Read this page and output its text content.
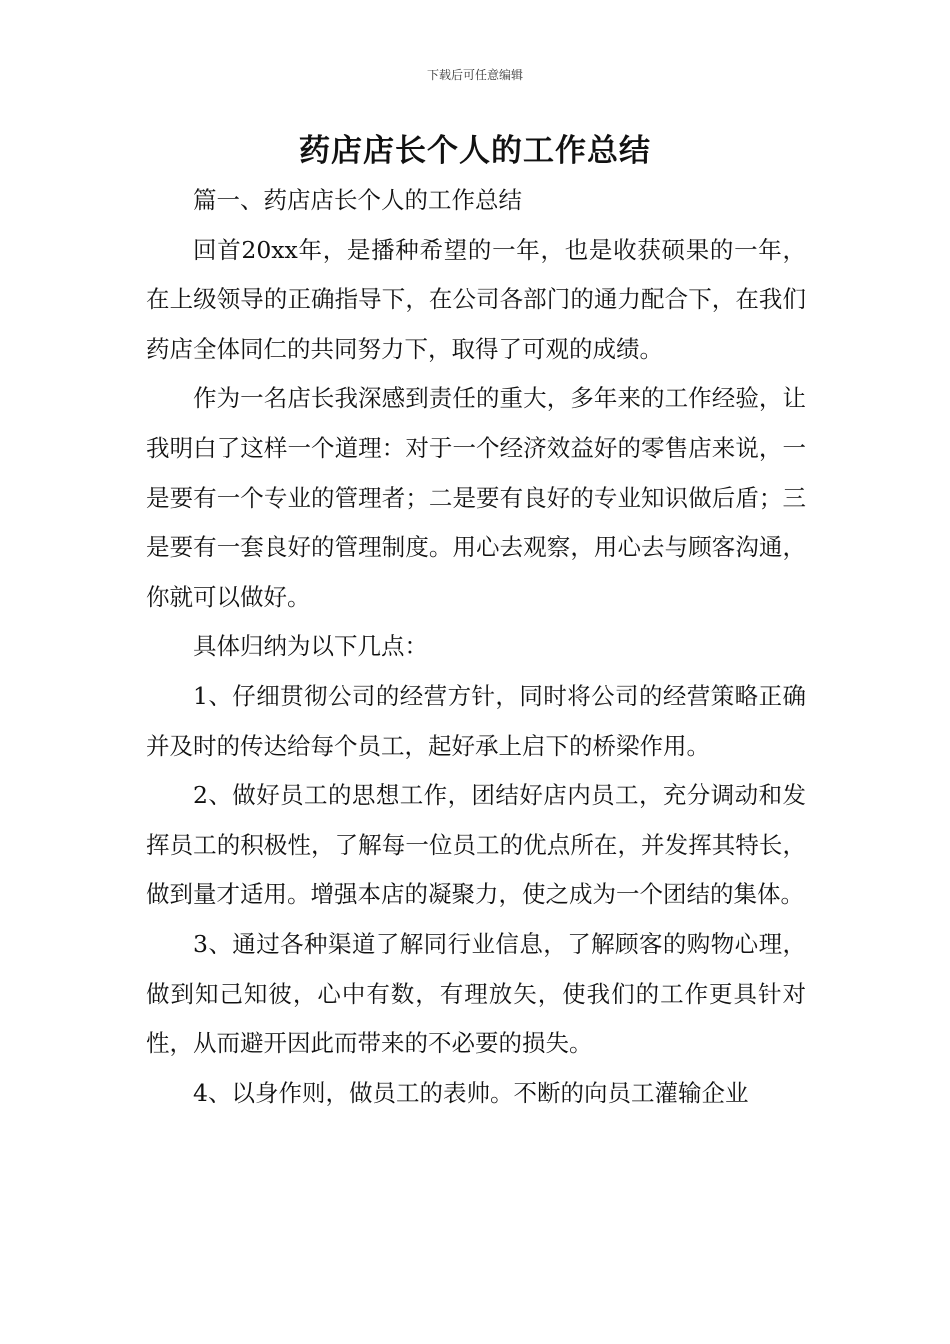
下载后可任意编辑
药店店长个人的工作总结

篇一、药店店长个人的工作总结

回首20xx年，是播种希望的一年，也是收获硕果的一年，在上级领导的正确指导下，在公司各部门的通力配合下，在我们药店全体同仁的共同努力下，取得了可观的成绩。

作为一名店长我深感到责任的重大，多年来的工作经验，让我明白了这样一个道理：对于一个经济效益好的零售店来说，一是要有一个专业的管理者；二是要有良好的专业知识做后盾；三是要有一套良好的管理制度。用心去观察，用心去与顾客沟通，你就可以做好。

具体归纳为以下几点：

1、仔细贯彻公司的经营方针，同时将公司的经营策略正确并及时的传达给每个员工，起好承上启下的桥梁作用。

2、做好员工的思想工作，团结好店内员工，充分调动和发挥员工的积极性，了解每一位员工的优点所在，并发挥其特长，做到量才适用。增强本店的凝聚力，使之成为一个团结的集体。

3、通过各种渠道了解同行业信息，了解顾客的购物心理，做到知己知彼，心中有数，有理放矢，使我们的工作更具针对性，从而避开因此而带来的不必要的损失。

4、以身作则，做员工的表帅。不断的向员工灌输企业
